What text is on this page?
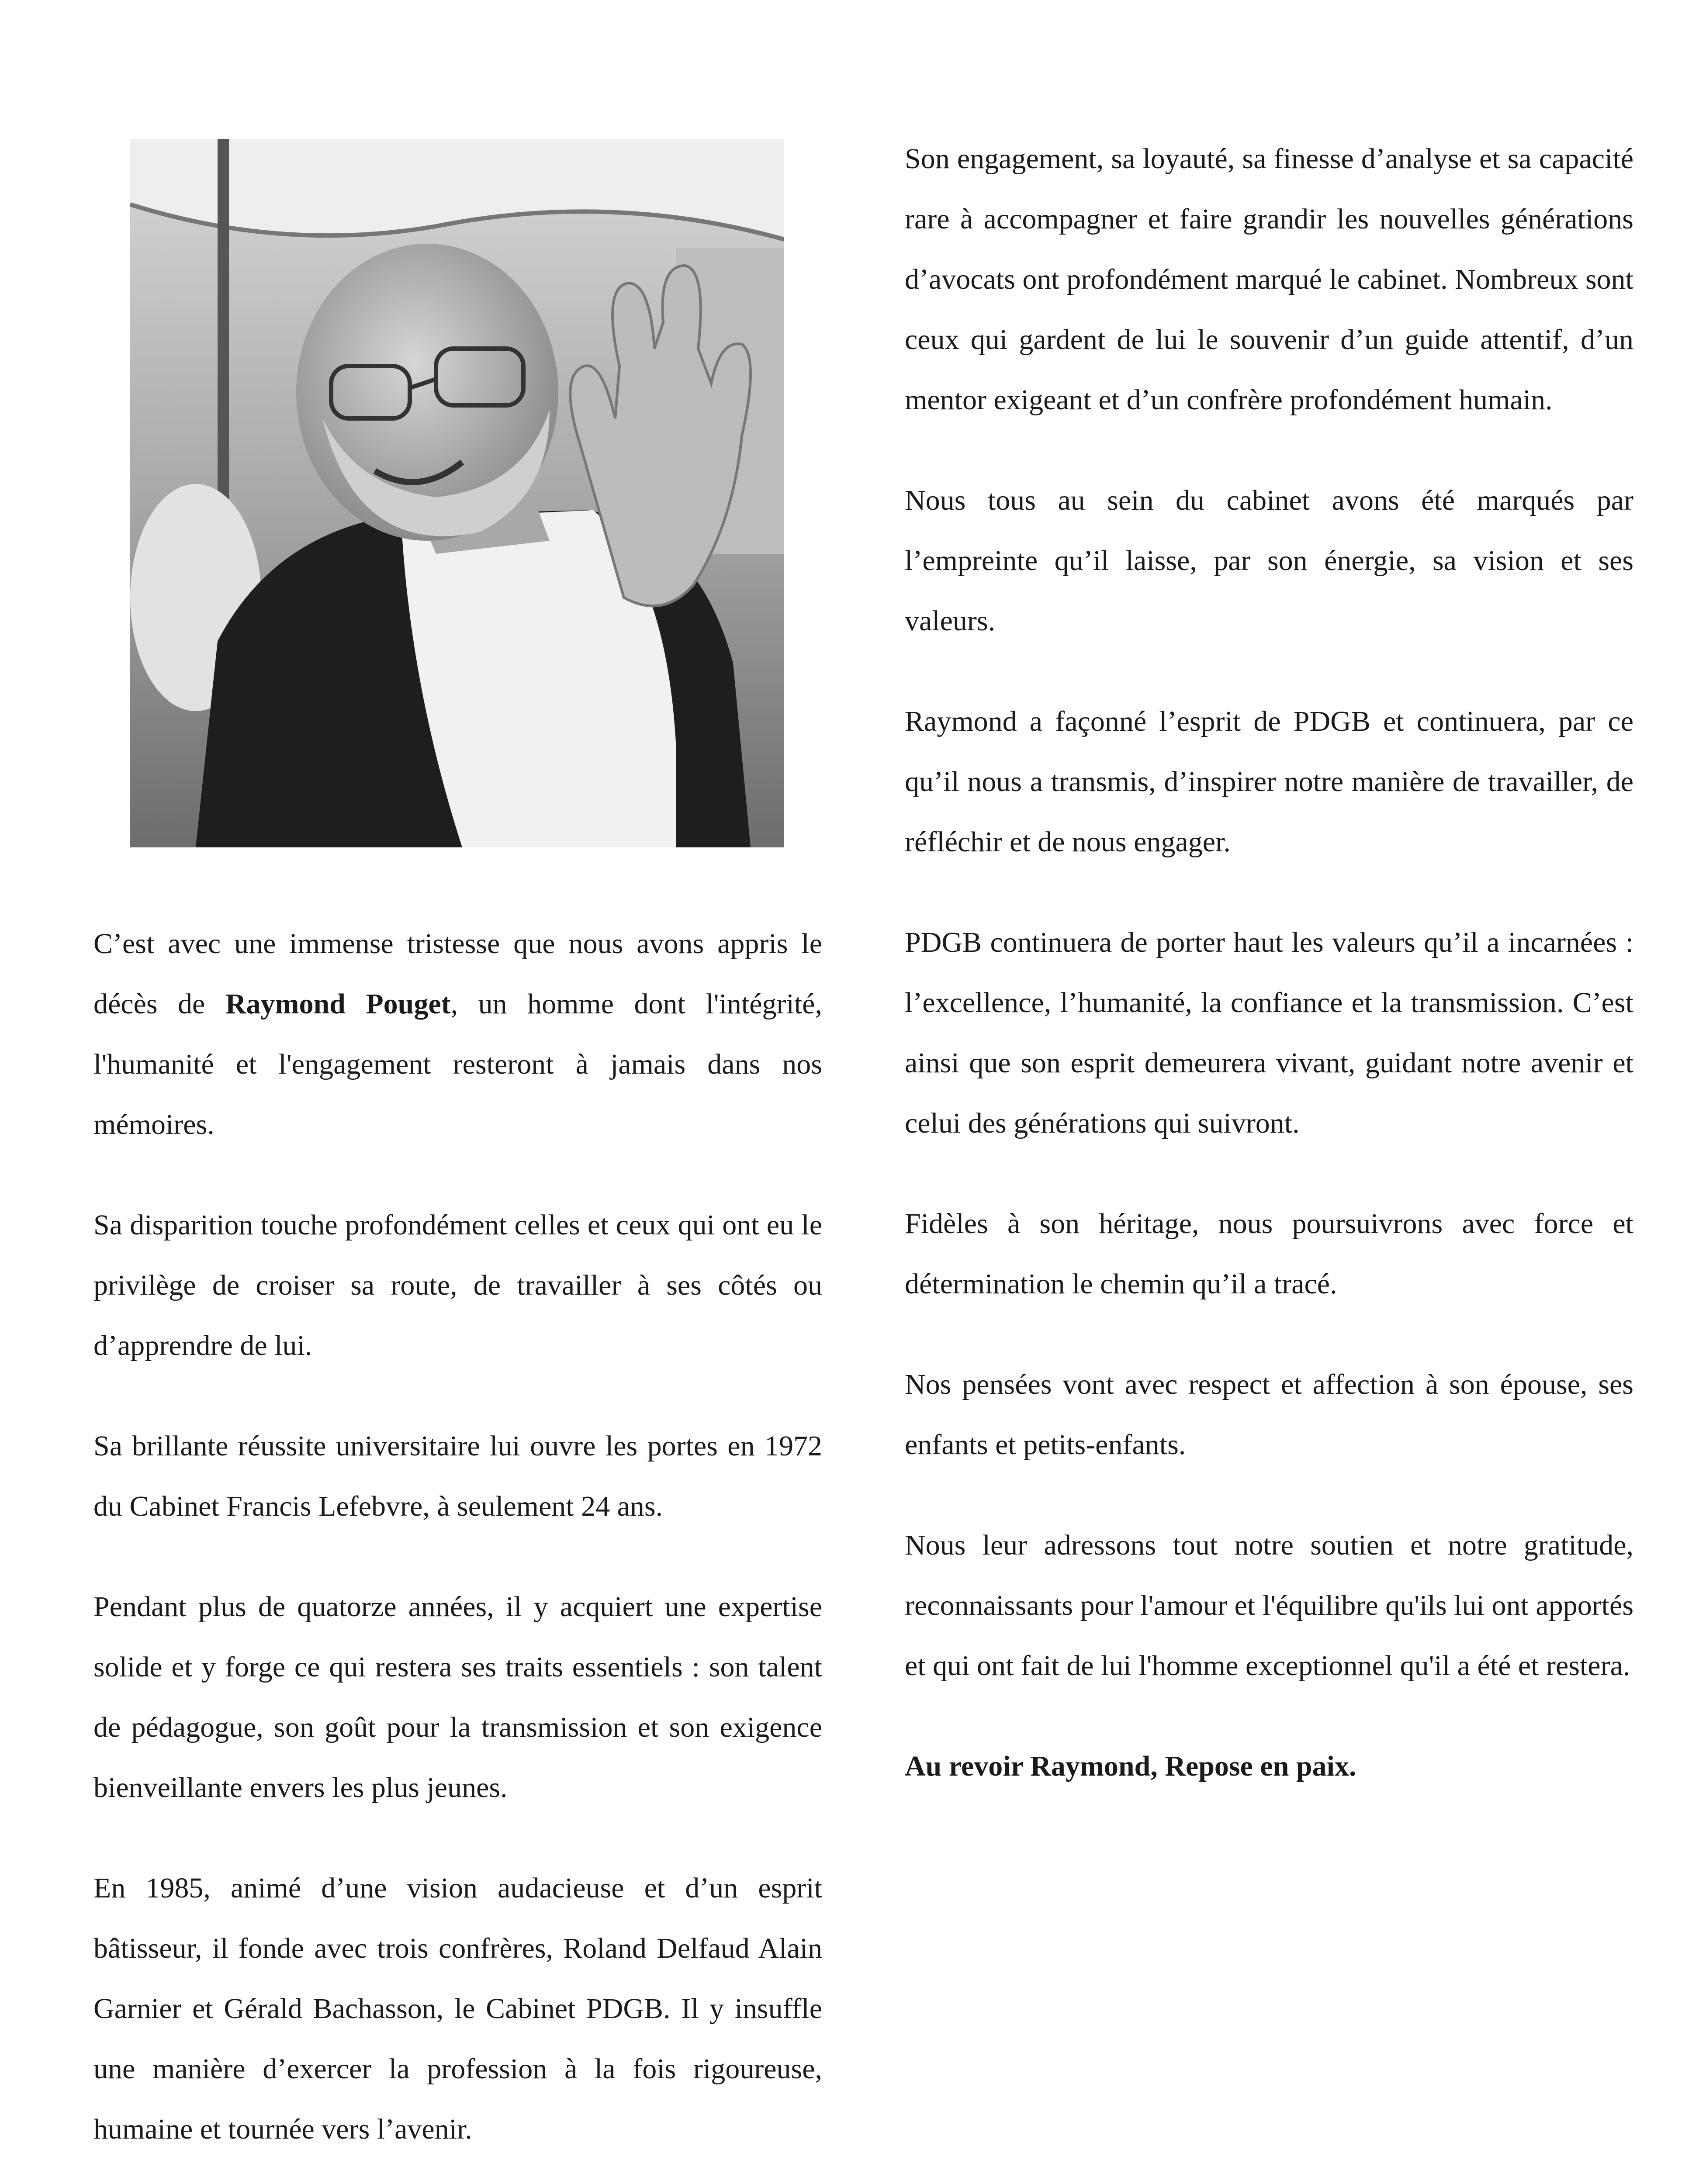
C’est avec une immense tristesse que nous avons appris le décès de Raymond Pouget, un homme dont l'intégrité, l'humanité et l'engagement resteront à jamais dans nos mémoires.

Sa disparition touche profondément celles et ceux qui ont eu le privilège de croiser sa route, de travailler à ses côtés ou d’apprendre de lui.

Sa brillante réussite universitaire lui ouvre les portes en 1972 du Cabinet Francis Lefebvre, à seulement 24 ans.

Pendant plus de quatorze années, il y acquiert une expertise solide et y forge ce qui restera ses traits essentiels : son talent de pédagogue, son goût pour la transmission et son exigence bienveillante envers les plus jeunes.

En 1985, animé d’une vision audacieuse et d’un esprit bâtisseur, il fonde avec trois confrères, Roland Delfaud Alain Garnier et Gérald Bachasson, le Cabinet PDGB. Il y insuffle une manière d’exercer la profession à la fois rigoureuse, humaine et tournée vers l’avenir.

Son engagement, sa loyauté, sa finesse d’analyse et sa capacité rare à accompagner et faire grandir les nouvelles générations d’avocats ont profondément marqué le cabinet. Nombreux sont ceux qui gardent de lui le souvenir d’un guide attentif, d’un mentor exigeant et d’un confrère profondément humain.

Nous tous au sein du cabinet avons été marqués par l’empreinte qu’il laisse, par son énergie, sa vision et ses valeurs.

Raymond a façonné l’esprit de PDGB et continuera, par ce qu’il nous a transmis, d’inspirer notre manière de travailler, de réfléchir et de nous engager.

PDGB continuera de porter haut les valeurs qu’il a incarnées : l’excellence, l’humanité, la confiance et la transmission. C’est ainsi que son esprit demeurera vivant, guidant notre avenir et celui des générations qui suivront.

Fidèles à son héritage, nous poursuivrons avec force et détermination le chemin qu’il a tracé.

Nos pensées vont avec respect et affection à son épouse, ses enfants et petits-enfants.

Nous leur adressons tout notre soutien et notre gratitude, reconnaissants pour l'amour et l'équilibre qu'ils lui ont apportés et qui ont fait de lui l'homme exceptionnel qu'il a été et restera.

Au revoir Raymond, Repose en paix.
